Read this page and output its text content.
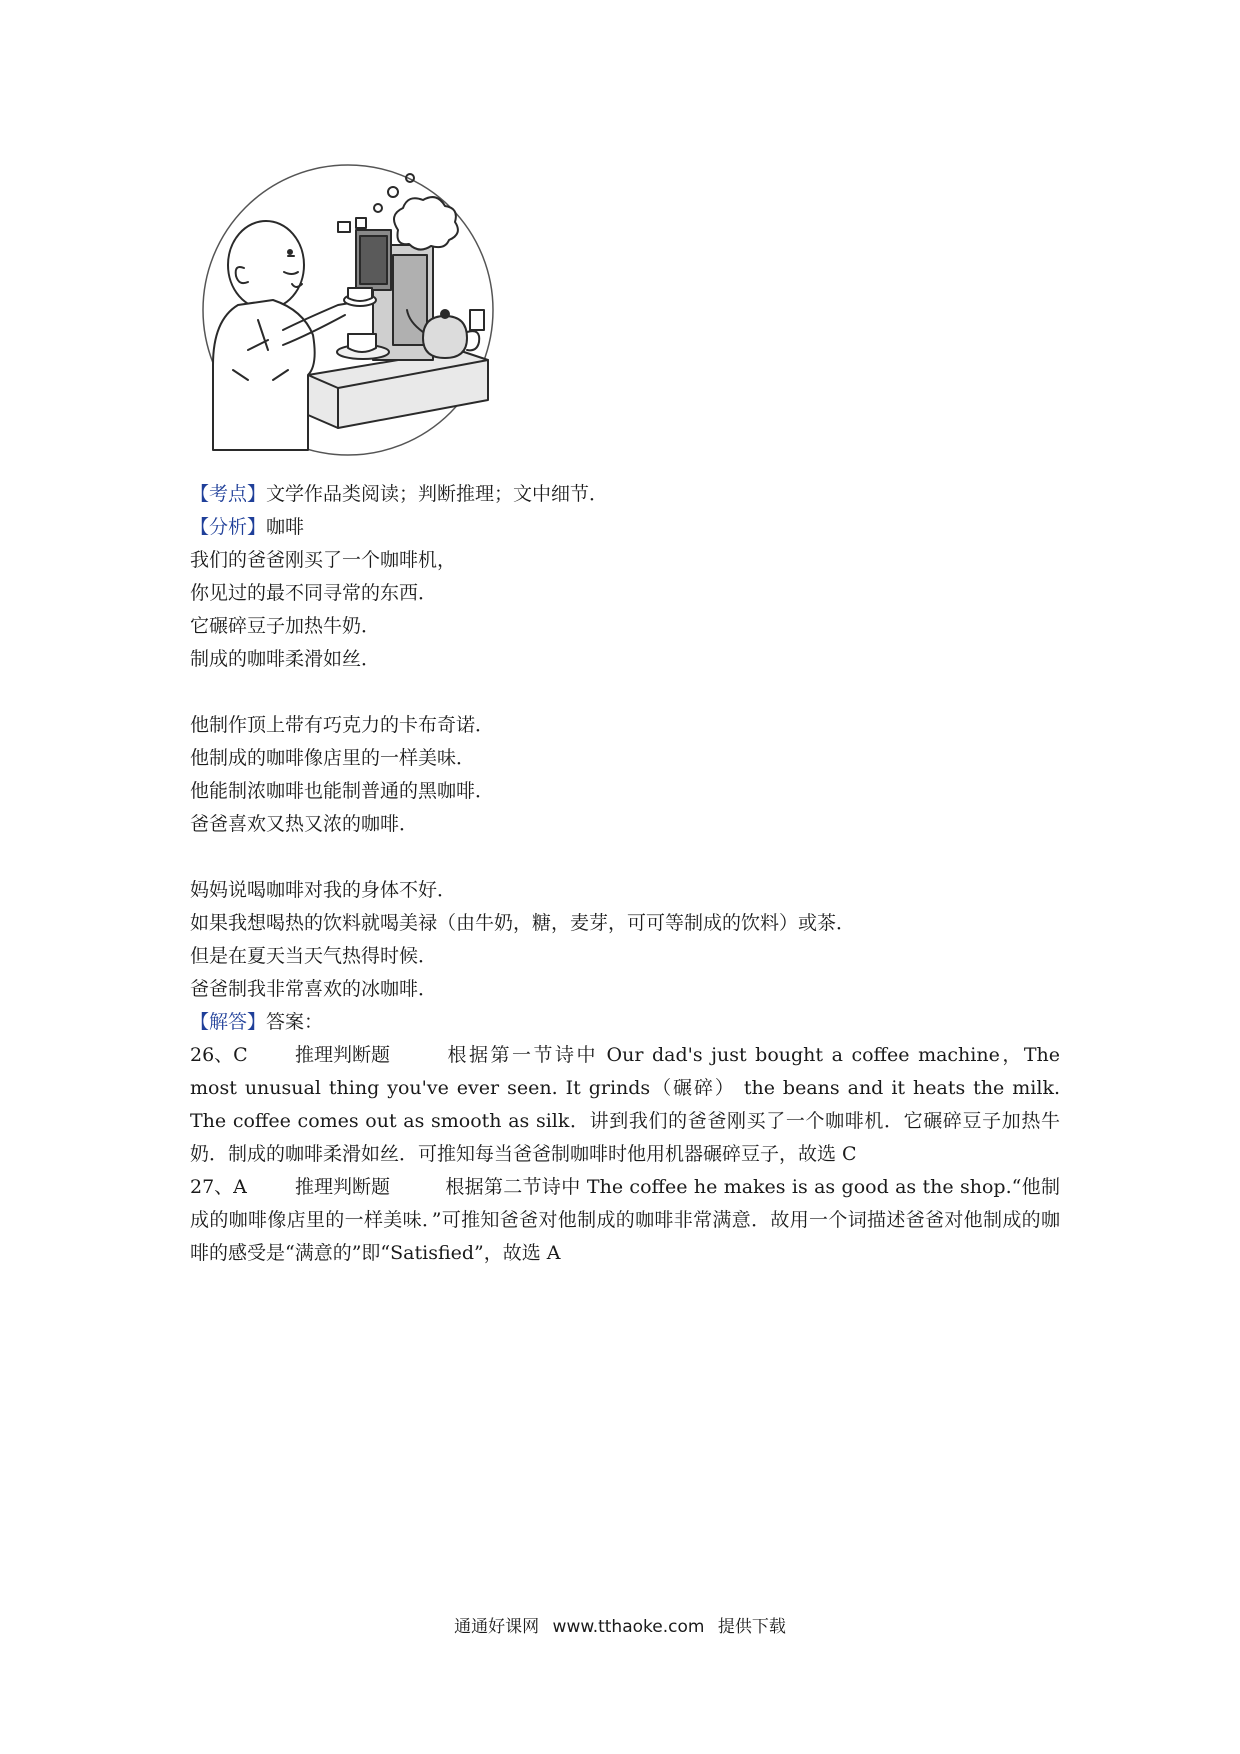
【考点】文学作品类阅读；判断推理；文中细节．
【分析】咖啡
我们的爸爸刚买了一个咖啡机，
你见过的最不同寻常的东西．
它碾碎豆子加热牛奶．
制成的咖啡柔滑如丝．
他制作顶上带有巧克力的卡布奇诺．
他制成的咖啡像店里的一样美味．
他能制浓咖啡也能制普通的黑咖啡．
爸爸喜欢又热又浓的咖啡．
妈妈说喝咖啡对我的身体不好．
如果我想喝热的饮料就喝美禄（由牛奶，糖，麦芽，可可等制成的饮料）或茶．
但是在夏天当天气热得时候．
爸爸制我非常喜欢的冰咖啡．
【解答】答案：
26、C 推理判断题	根据第一节诗中 Our dad's just bought a coffee machine，The most unusual thing you've ever seen. It grinds（碾碎） the beans and it heats the milk. The coffee comes out as smooth as silk．讲到我们的爸爸刚买了一个咖啡机．它碾碎豆子加热牛奶．制成的咖啡柔滑如丝．可推知每当爸爸制咖啡时他用机器碾碎豆子，故选 C
27、A	推理判断题	根据第二节诗中 The coffee he makes is as good as the shop.“他制成的咖啡像店里的一样美味．”可推知爸爸对他制成的咖啡非常满意．故用一个词描述爸爸对他制成的咖啡的感受是“满意的”即“Satisfied”，故选 A
通通好课网 www.tthaoke.com 提供下载
